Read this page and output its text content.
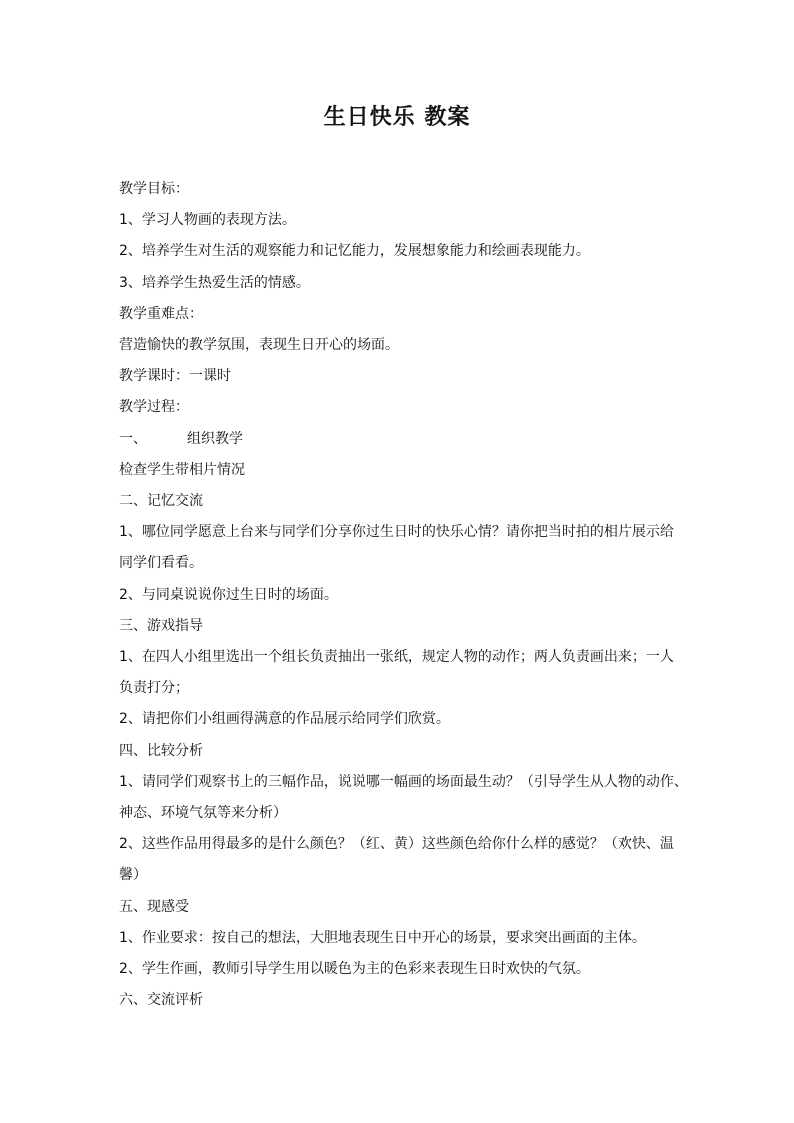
生日快乐 教案

教学目标：

1、学习人物画的表现方法。

2、培养学生对生活的观察能力和记忆能力，发展想象能力和绘画表现能力。

3、培养学生热爱生活的情感。

教学重难点：

营造愉快的教学氛围，表现生日开心的场面。

教学课时：一课时

教学过程：

一、	组织教学

检查学生带相片情况

二、记忆交流

1、哪位同学愿意上台来与同学们分享你过生日时的快乐心情？请你把当时拍的相片展示给

同学们看看。

2、与同桌说说你过生日时的场面。

三、游戏指导

1、在四人小组里选出一个组长负责抽出一张纸，规定人物的动作；两人负责画出来；一人

负责打分；

2、请把你们小组画得满意的作品展示给同学们欣赏。

四、比较分析

1、请同学们观察书上的三幅作品，说说哪一幅画的场面最生动？（引导学生从人物的动作、

神态、环境气氛等来分析）

2、这些作品用得最多的是什么颜色？（红、黄）这些颜色给你什么样的感觉？（欢快、温

馨）

五、现感受

1、作业要求：按自己的想法，大胆地表现生日中开心的场景，要求突出画面的主体。

2、学生作画，教师引导学生用以暖色为主的色彩来表现生日时欢快的气氛。

六、交流评析
